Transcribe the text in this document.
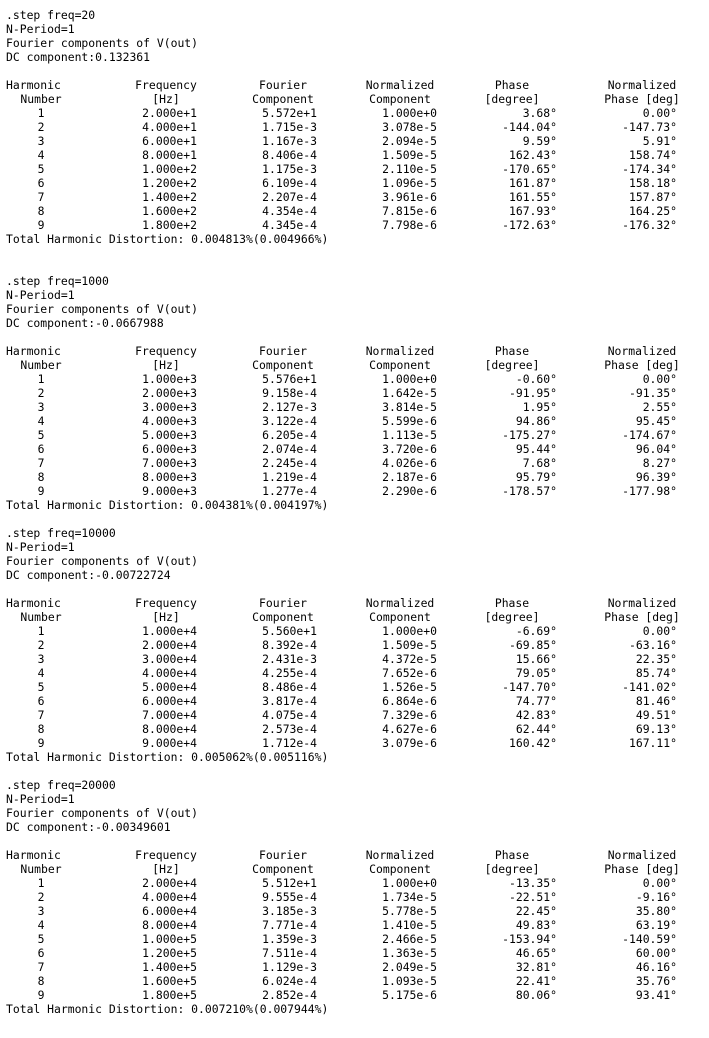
.step freq=20
N-Period=1
Fourier components of V(out)
DC component:0.132361
Harmonic	Frequency	Fourier	Normalized	Phase	Normalized
Number	[Hz]	Component	Component	[degree]	Phase [deg]
1	2.000e+1	5.572e+1	1.000e+0	3.68°	0.00°
2	4.000e+1	1.715e-3	3.078e-5	-144.04°	-147.73°
3	6.000e+1	1.167e-3	2.094e-5	9.59°	5.91°
4	8.000e+1	8.406e-4	1.509e-5	162.43°	158.74°
5	1.000e+2	1.175e-3	2.110e-5	-170.65°	-174.34°
6	1.200e+2	6.109e-4	1.096e-5	161.87°	158.18°
7	1.400e+2	2.207e-4	3.961e-6	161.55°	157.87°
8	1.600e+2	4.354e-4	7.815e-6	167.93°	164.25°
9	1.800e+2	4.345e-4	7.798e-6	-172.63°	-176.32°
Total Harmonic Distortion: 0.004813%(0.004966%)
.step freq=1000
N-Period=1
Fourier components of V(out)
DC component:-0.0667988
Harmonic	Frequency	Fourier	Normalized	Phase	Normalized
Number	[Hz]	Component	Component	[degree]	Phase [deg]
1	1.000e+3	5.576e+1	1.000e+0	-0.60°	0.00°
2	2.000e+3	9.158e-4	1.642e-5	-91.95°	-91.35°
3	3.000e+3	2.127e-3	3.814e-5	1.95°	2.55°
4	4.000e+3	3.122e-4	5.599e-6	94.86°	95.45°
5	5.000e+3	6.205e-4	1.113e-5	-175.27°	-174.67°
6	6.000e+3	2.074e-4	3.720e-6	95.44°	96.04°
7	7.000e+3	2.245e-4	4.026e-6	7.68°	8.27°
8	8.000e+3	1.219e-4	2.187e-6	95.79°	96.39°
9	9.000e+3	1.277e-4	2.290e-6	-178.57°	-177.98°
Total Harmonic Distortion: 0.004381%(0.004197%)
.step freq=10000
N-Period=1
Fourier components of V(out)
DC component:-0.00722724
Harmonic	Frequency	Fourier	Normalized	Phase	Normalized
Number	[Hz]	Component	Component	[degree]	Phase [deg]
1	1.000e+4	5.560e+1	1.000e+0	-6.69°	0.00°
2	2.000e+4	8.392e-4	1.509e-5	-69.85°	-63.16°
3	3.000e+4	2.431e-3	4.372e-5	15.66°	22.35°
4	4.000e+4	4.255e-4	7.652e-6	79.05°	85.74°
5	5.000e+4	8.486e-4	1.526e-5	-147.70°	-141.02°
6	6.000e+4	3.817e-4	6.864e-6	74.77°	81.46°
7	7.000e+4	4.075e-4	7.329e-6	42.83°	49.51°
8	8.000e+4	2.573e-4	4.627e-6	62.44°	69.13°
9	9.000e+4	1.712e-4	3.079e-6	160.42°	167.11°
Total Harmonic Distortion: 0.005062%(0.005116%)
.step freq=20000
N-Period=1
Fourier components of V(out)
DC component:-0.00349601
Harmonic	Frequency	Fourier	Normalized	Phase	Normalized
Number	[Hz]	Component	Component	[degree]	Phase [deg]
1	2.000e+4	5.512e+1	1.000e+0	-13.35°	0.00°
2	4.000e+4	9.555e-4	1.734e-5	-22.51°	-9.16°
3	6.000e+4	3.185e-3	5.778e-5	22.45°	35.80°
4	8.000e+4	7.771e-4	1.410e-5	49.83°	63.19°
5	1.000e+5	1.359e-3	2.466e-5	-153.94°	-140.59°
6	1.200e+5	7.511e-4	1.363e-5	46.65°	60.00°
7	1.400e+5	1.129e-3	2.049e-5	32.81°	46.16°
8	1.600e+5	6.024e-4	1.093e-5	22.41°	35.76°
9	1.800e+5	2.852e-4	5.175e-6	80.06°	93.41°
Total Harmonic Distortion: 0.007210%(0.007944%)
